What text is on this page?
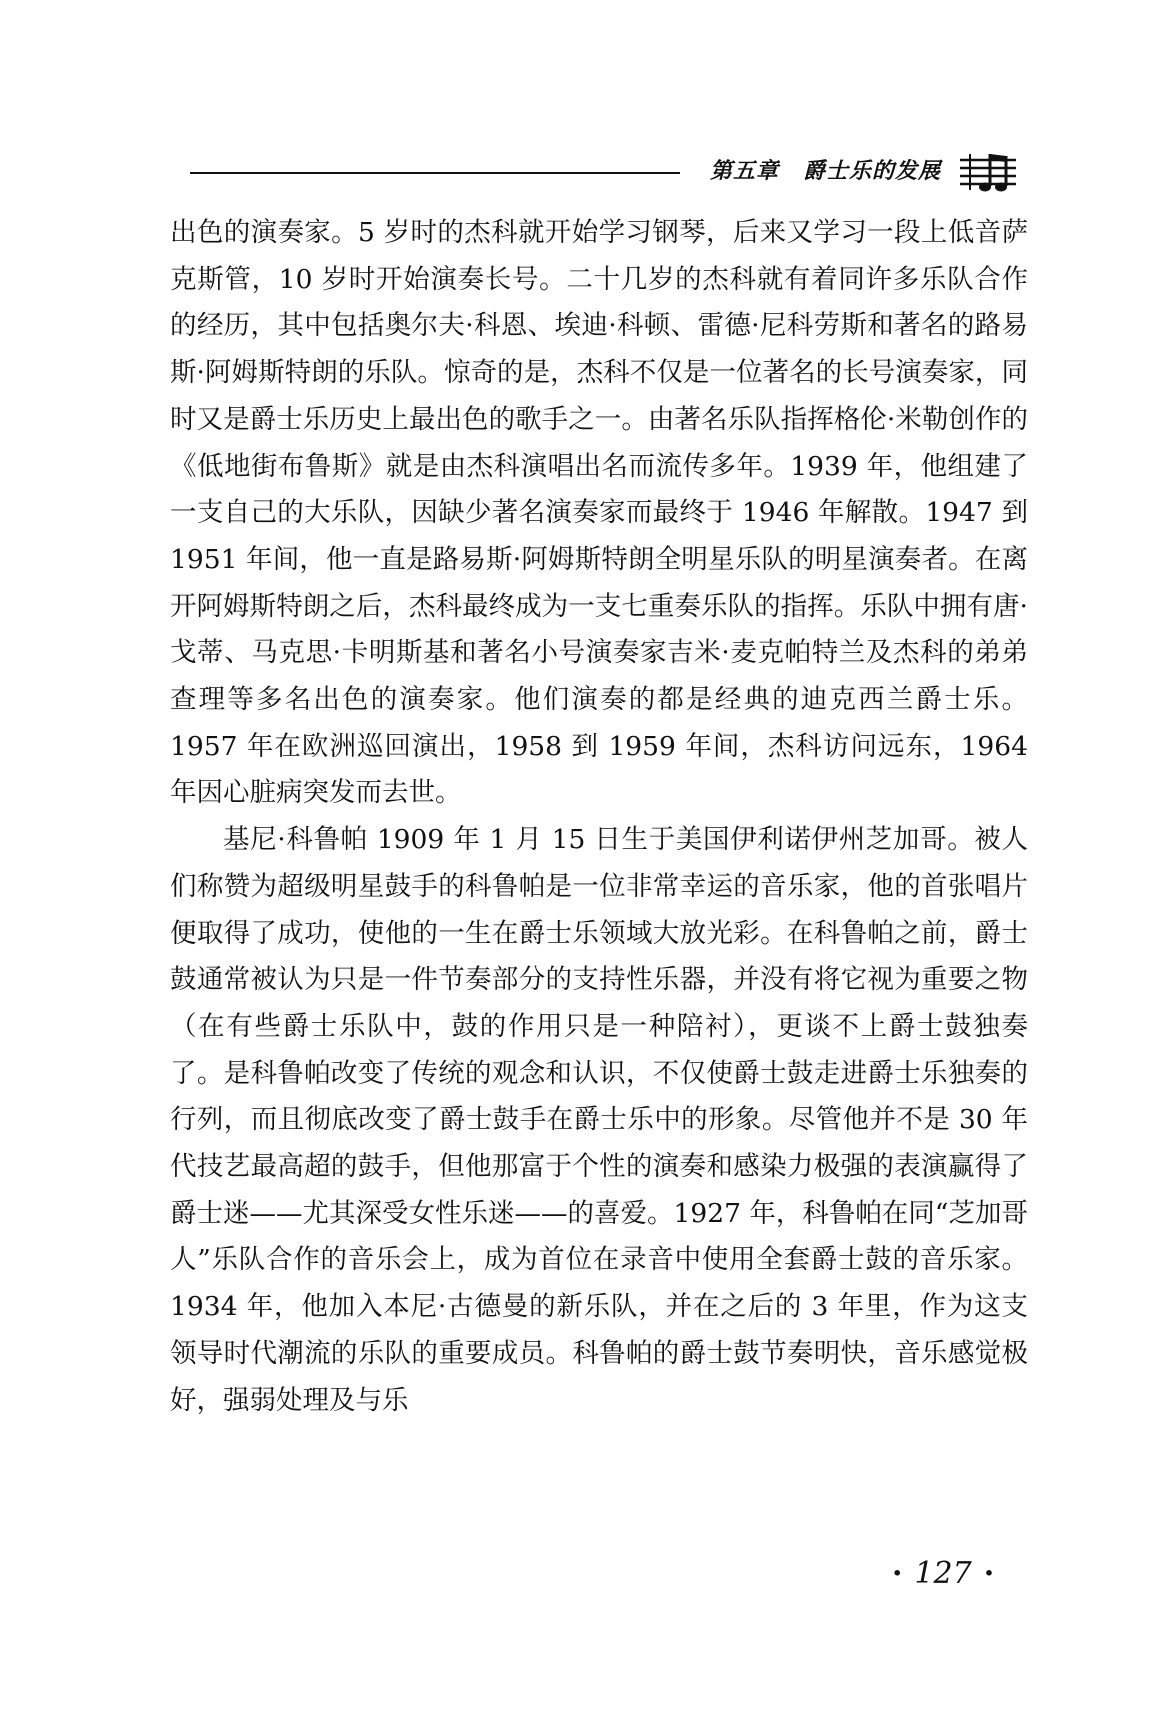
第五章 爵士乐的发展

出色的演奏家。5 岁时的杰科就开始学习钢琴，后来又学习一段上低音萨克斯管，10 岁时开始演奏长号。二十几岁的杰科就有着同许多乐队合作的经历，其中包括奥尔夫·科恩、埃迪·科顿、雷德·尼科劳斯和著名的路易斯·阿姆斯特朗的乐队。惊奇的是，杰科不仅是一位著名的长号演奏家，同时又是爵士乐历史上最出色的歌手之一。由著名乐队指挥格伦·米勒创作的《低地街布鲁斯》就是由杰科演唱出名而流传多年。1939 年，他组建了一支自己的大乐队，因缺少著名演奏家而最终于 1946 年解散。1947 到 1951 年间，他一直是路易斯·阿姆斯特朗全明星乐队的明星演奏者。在离开阿姆斯特朗之后，杰科最终成为一支七重奏乐队的指挥。乐队中拥有唐·戈蒂、马克思·卡明斯基和著名小号演奏家吉米·麦克帕特兰及杰科的弟弟查理等多名出色的演奏家。他们演奏的都是经典的迪克西兰爵士乐。1957 年在欧洲巡回演出，1958 到 1959 年间，杰科访问远东，1964 年因心脏病突发而去世。

基尼·科鲁帕 1909 年 1 月 15 日生于美国伊利诺伊州芝加哥。被人们称赞为超级明星鼓手的科鲁帕是一位非常幸运的音乐家，他的首张唱片便取得了成功，使他的一生在爵士乐领域大放光彩。在科鲁帕之前，爵士鼓通常被认为只是一件节奏部分的支持性乐器，并没有将它视为重要之物（在有些爵士乐队中，鼓的作用只是一种陪衬），更谈不上爵士鼓独奏了。是科鲁帕改变了传统的观念和认识，不仅使爵士鼓走进爵士乐独奏的行列，而且彻底改变了爵士鼓手在爵士乐中的形象。尽管他并不是 30 年代技艺最高超的鼓手，但他那富于个性的演奏和感染力极强的表演赢得了爵士迷——尤其深受女性乐迷——的喜爱。1927 年，科鲁帕在同“芝加哥人”乐队合作的音乐会上，成为首位在录音中使用全套爵士鼓的音乐家。1934 年，他加入本尼·古德曼的新乐队，并在之后的 3 年里，作为这支领导时代潮流的乐队的重要成员。科鲁帕的爵士鼓节奏明快，音乐感觉极好，强弱处理及与乐

· 127 ·
